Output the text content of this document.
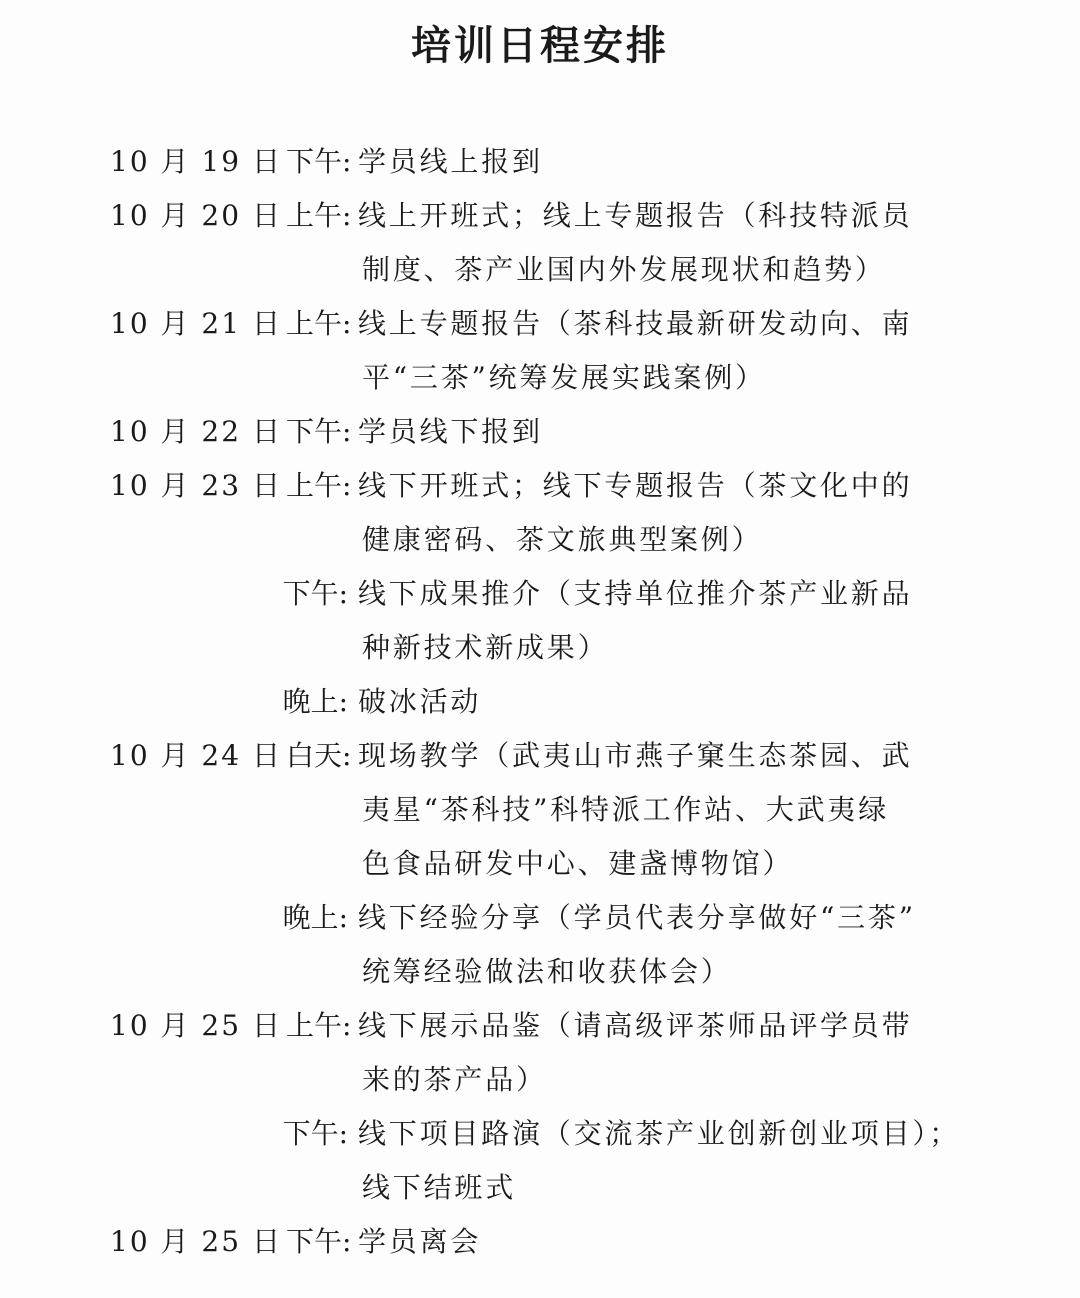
培训日程安排
10 月 19 日 下午: 学员线上报到
10 月 20 日 上午: 线上开班式；线上专题报告（科技特派员
制度、茶产业国内外发展现状和趋势）
10 月 21 日 上午: 线上专题报告（茶科技最新研发动向、南
平“三茶”统筹发展实践案例）
10 月 22 日 下午: 学员线下报到
10 月 23 日 上午: 线下开班式；线下专题报告（茶文化中的
健康密码、茶文旅典型案例）
下午: 线下成果推介（支持单位推介茶产业新品
种新技术新成果）
晚上: 破冰活动
10 月 24 日 白天: 现场教学（武夷山市燕子窠生态茶园、武
夷星“茶科技”科特派工作站、大武夷绿
色食品研发中心、建盏博物馆）
晚上: 线下经验分享（学员代表分享做好“三茶”
统筹经验做法和收获体会）
10 月 25 日 上午: 线下展示品鉴（请高级评茶师品评学员带
来的茶产品）
下午: 线下项目路演（交流茶产业创新创业项目）；
线下结班式
10 月 25 日 下午: 学员离会
